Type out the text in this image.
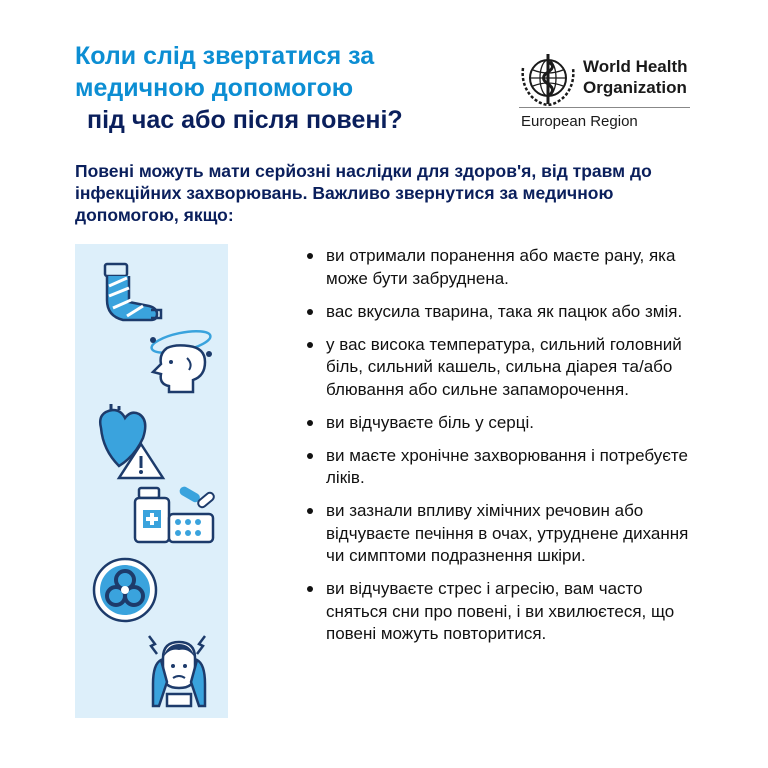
Коли слід звертатися за
медичною допомогою
під час або після повені?
World Health
Organization
European Region
Повені можуть мати серйозні наслідки для здоров'я, від травм до інфекційних захворювань. Важливо звернутися за медичною допомогою, якщо:
ви отримали поранення або маєте рану, яка може бути забруднена.
вас вкусила тварина, така як пацюк або змія.
у вас висока температура, сильний головний біль, сильний кашель, сильна діарея та/або блювання або сильне запаморочення.
ви відчуваєте біль у серці.
ви маєте хронічне захворювання і потребуєте ліків.
ви зазнали впливу хімічних речовин або відчуваєте печіння в очах, утруднене дихання чи симптоми подразнення шкіри.
ви відчуваєте стрес і агресію, вам часто сняться сни про повені, і ви хвилюєтеся, що повені можуть повторитися.
